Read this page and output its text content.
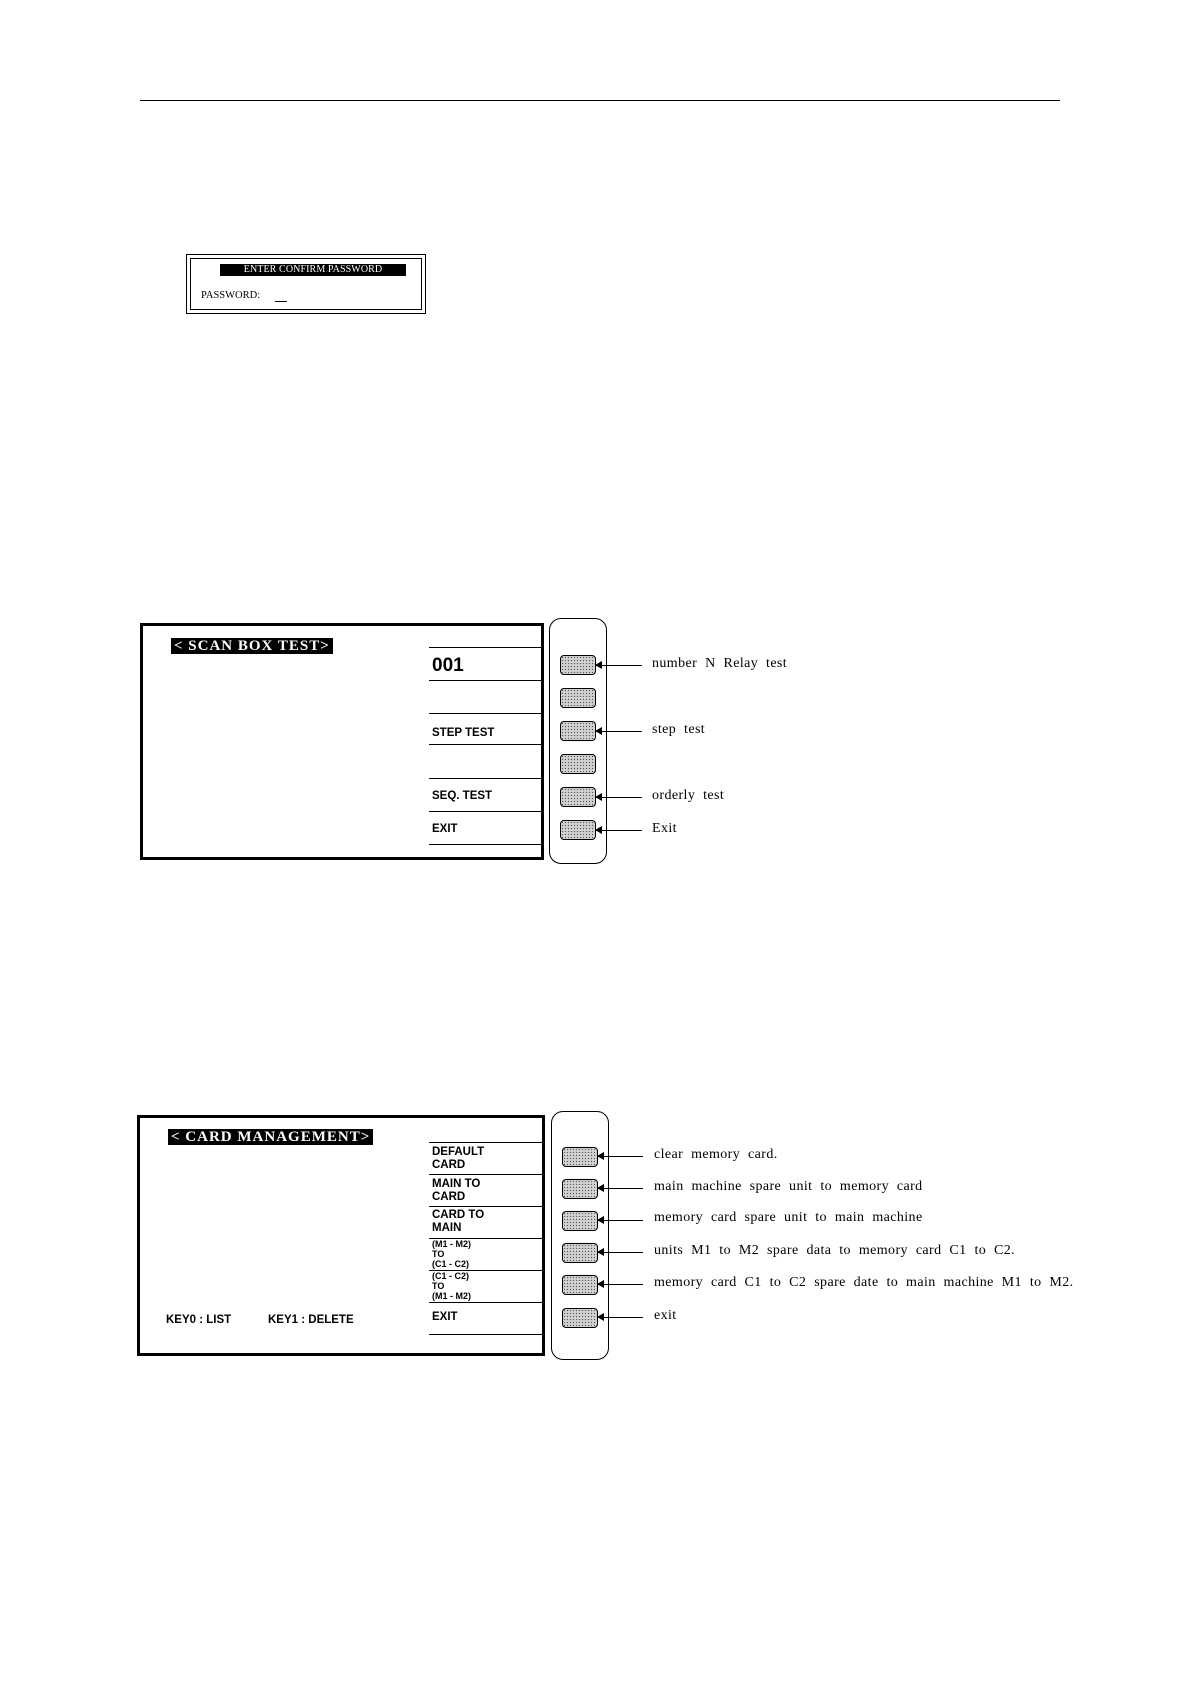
ENTER CONFIRM PASSWORD
PASSWORD:
< SCAN BOX TEST>
001
STEP TEST
SEQ. TEST
EXIT
number N Relay test
step test
orderly test
Exit
< CARD MANAGEMENT>
DEFAULT
CARD
MAIN TO
CARD
CARD TO
MAIN
(M1 - M2)
TO
(C1 - C2)
(C1 - C2)
TO
(M1 - M2)
EXIT
KEY0 : LIST	KEY1 : DELETE
clear memory card.
main machine spare unit to memory card
memory card spare unit to main machine
units M1 to M2 spare data to memory card C1 to C2.
memory card C1 to C2 spare date to main machine M1 to M2.
exit
